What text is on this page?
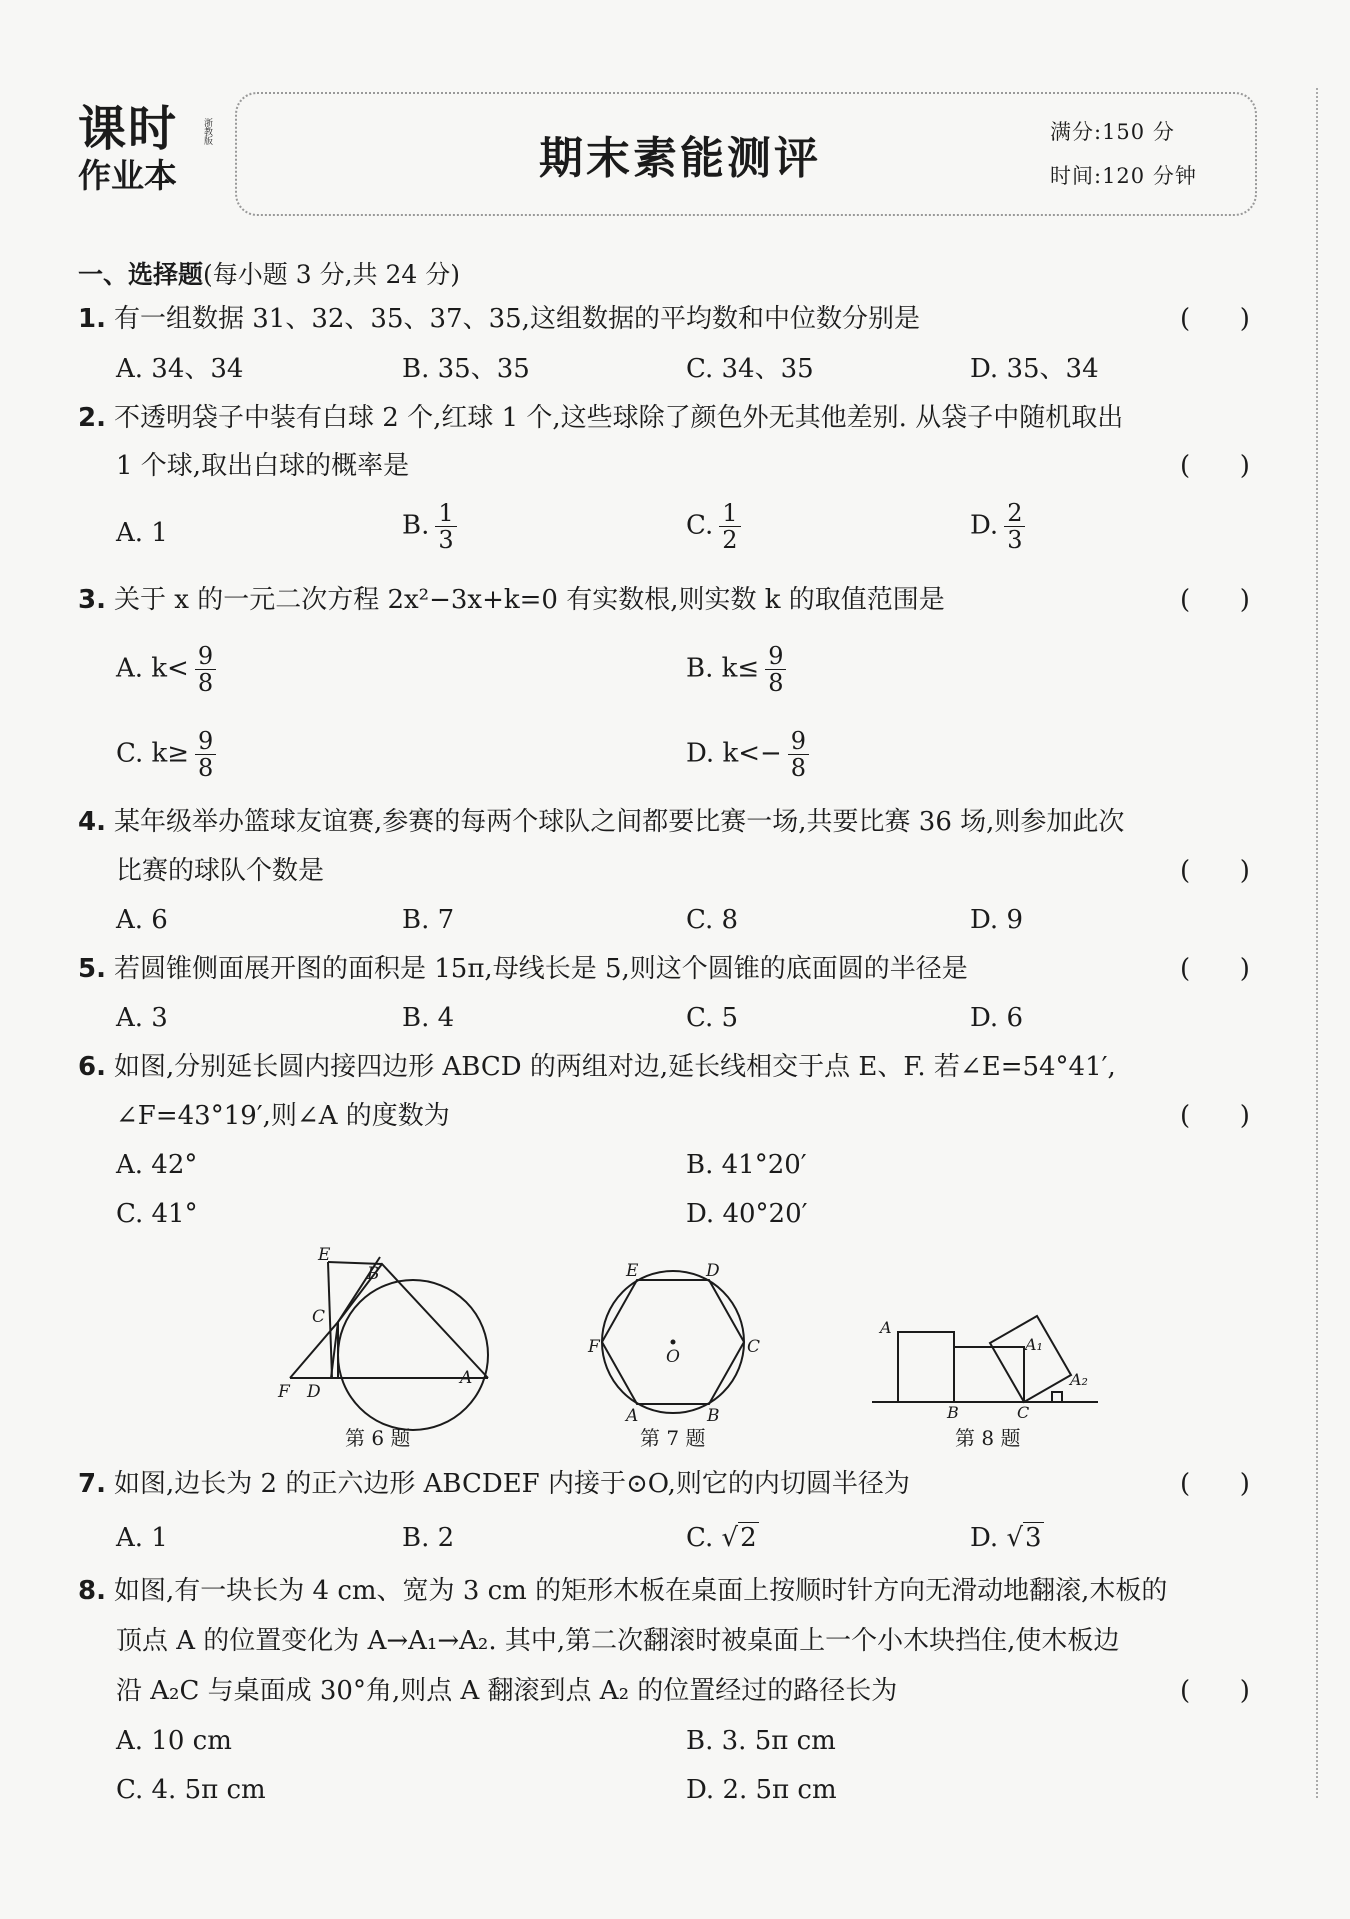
课时
作业本
浙教版
期末素能测评
满分:150 分
时间:120 分钟
一、选择题(每小题 3 分,共 24 分)
1. 有一组数据 31、32、35、37、35,这组数据的平均数和中位数分别是	(      )
A. 34、34	B. 35、35	C. 34、35	D. 35、34
2. 不透明袋子中装有白球 2 个,红球 1 个,这些球除了颜色外无其他差别. 从袋子中随机取出
1 个球,取出白球的概率是	(      )
A. 1	B. $\frac{1}{3}$	C. $\frac{1}{2}$	D. $\frac{2}{3}$
3. 关于 x 的一元二次方程 2x²−3x+k=0 有实数根,则实数 k 的取值范围是	(      )
A. $k< \frac{9}{8}$	B. $k\le \frac{9}{8}$
C. $k\ge \frac{9}{8}$	D. $k<- \frac{9}{8}$
4. 某年级举办篮球友谊赛,参赛的每两个球队之间都要比赛一场,共要比赛 36 场,则参加此次
比赛的球队个数是	(      )
A. 6	B. 7	C. 8	D. 9
5. 若圆锥侧面展开图的面积是 15π,母线长是 5,则这个圆锥的底面圆的半径是	(      )
A. 3	B. 4	C. 5	D. 6
6. 如图,分别延长圆内接四边形 ABCD 的两组对边,延长线相交于点 E、F. 若∠E=54°41′,
∠F=43°19′,则∠A 的度数为	(      )
A. 42°	B. 41°20′
C. 41°	D. 40°20′
E
B
C
F D
A
第 6 题
E	D
F	C
O
A	B
第 7 题
A
A₁
A₂
B	C
第 8 题
7. 如图,边长为 2 的正六边形 ABCDEF 内接于⊙O,则它的内切圆半径为	(      )
A. 1	B. 2	C. √2	D. √3
8. 如图,有一块长为 4 cm、宽为 3 cm 的矩形木板在桌面上按顺时针方向无滑动地翻滚,木板的
顶点 A 的位置变化为 A→A₁→A₂. 其中,第二次翻滚时被桌面上一个小木块挡住,使木板边
沿 A₂C 与桌面成 30°角,则点 A 翻滚到点 A₂ 的位置经过的路径长为	(      )
A. 10 cm	B. 3. 5π cm
C. 4. 5π cm	D. 2. 5π cm
